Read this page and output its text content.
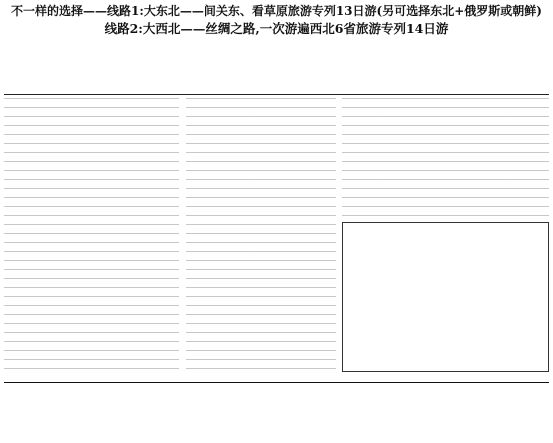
不一样的选择——线路1:大东北——间关东、看草原旅游专列13日游(另可选择东北+俄罗斯或朝鲜)
线路2:大西北——丝绸之路,一次游遍西北6省旅游专列14日游
